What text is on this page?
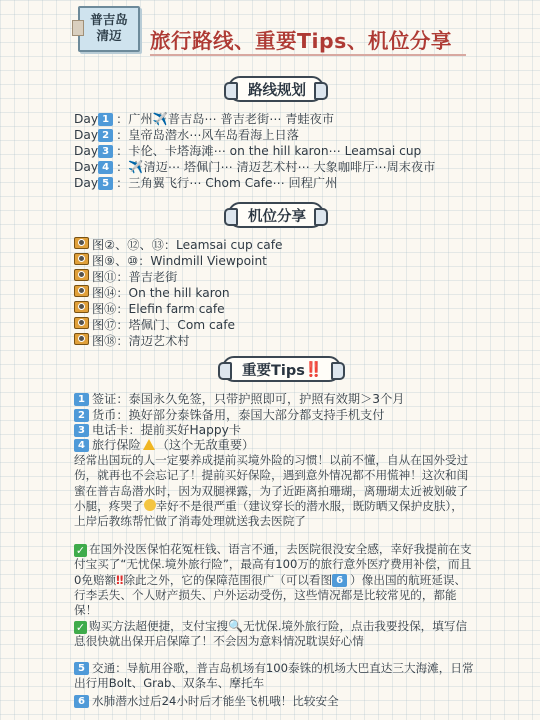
普吉岛
清迈	旅行路线、重要Tips、机位分享
路线规划
Day 1 ：广州✈️普吉岛⋯ 普吉老街⋯ 青蛙夜市
Day 2 ：皇帝岛潜水⋯风车岛看海上日落
Day 3 ：卡伦、卡塔海滩⋯ on the hill karon⋯ Leamsai cup
Day 4 ：✈️清迈⋯ 塔佩门⋯ 清迈艺术村⋯ 大象咖啡厅⋯周末夜市
Day 5 ：三角翼飞行⋯ Chom Cafe⋯ 回程广州
机位分享
图②、⑫、⑬：Leamsai cup cafe
图⑨、⑩：Windmill Viewpoint
图⑪：普吉老街
图⑭：On the hill karon
图⑯：Elefin farm cafe
图⑰：塔佩门、Com cafe
图⑱：清迈艺术村
重要Tips ‼️
1 签证：泰国永久免签，只带护照即可，护照有效期＞3个月
2 货币：换好部分泰铢备用，泰国大部分都支持手机支付
3 电话卡：提前买好Happy卡
4 旅行保险 （这个无敌重要）
经常出国玩的人一定要养成提前买境外险的习惯！以前不懂，自从在国外受过伤，就再也不会忘记了！提前买好保险，遇到意外情况都不用慌神！这次和闺蜜在普吉岛潜水时，因为双腿裸露，为了近距离拍珊瑚，离珊瑚太近被划破了小腿，疼哭了 幸好不是很严重（建议穿长的潜水服，既防晒又保护皮肤），上岸后教练帮忙做了消毒处理就送我去医院了
✓ 在国外没医保怕花冤枉钱、语言不通，去医院很没安全感，幸好我提前在支付宝买了“无忧保.境外旅行险”，最高有100万的旅行意外医疗费用补偿，而且0免赔额‼除此之外，它的保障范围很广（可以看图 6 ）像出国的航班延误、行李丢失、个人财产损失、户外运动受伤，这些情况都是比较常见的，都能保！
✓ 购买方法超便捷，支付宝搜🔍无忧保.境外旅行险，点击我要投保，填写信息很快就出保开启保障了！不会因为意料情况耽误好心情
5 交通：导航用谷歌，普吉岛机场有100泰铢的机场大巴直达三大海滩，日常出行用Bolt、Grab、双条车、摩托车
6 水肺潜水过后24小时后才能坐飞机哦！比较安全
